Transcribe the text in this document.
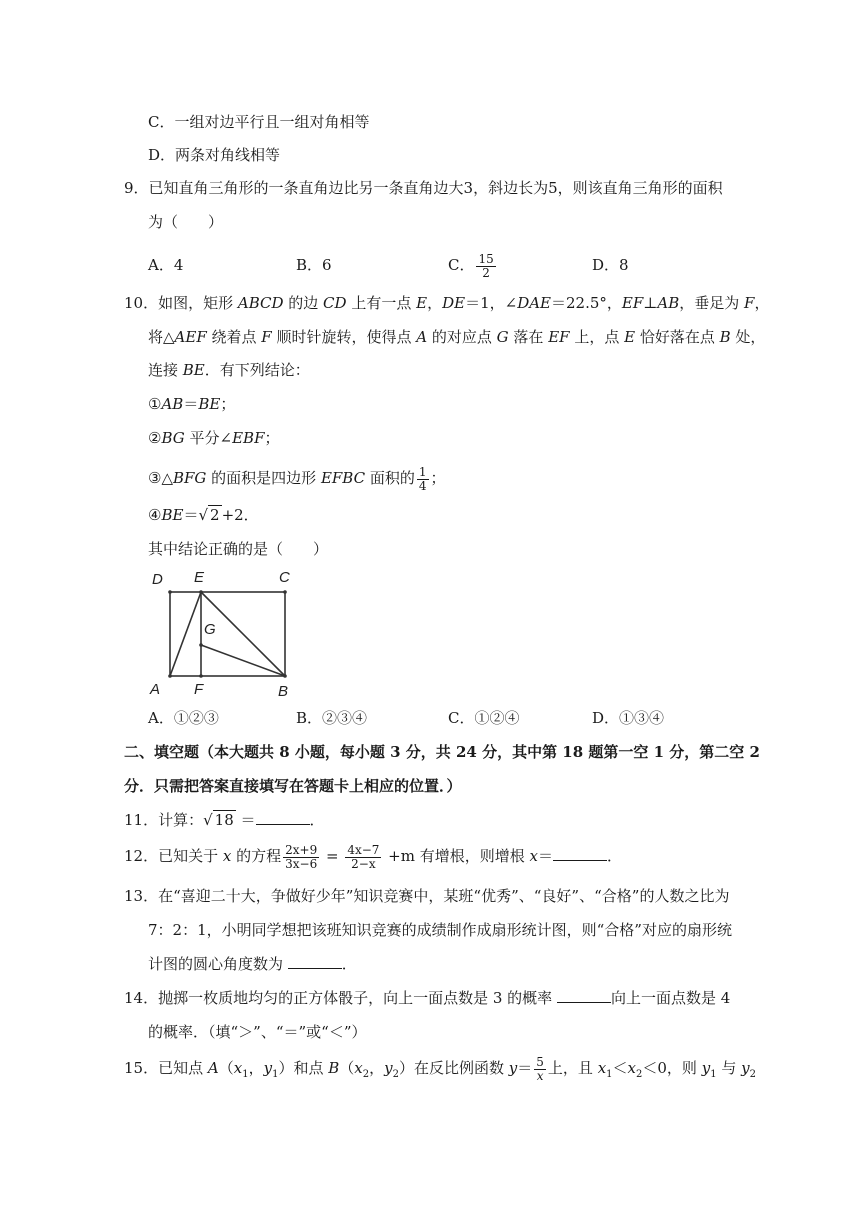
C．一组对边平行且一组对角相等
D．两条对角线相等
9．已知直角三角形的一条直角边比另一条直角边大3，斜边长为5，则该直角三角形的面积
为（　　）
A．4	B．6	C． $\frac{15}{2}$	D．8
10．如图，矩形 ABCD 的边 CD 上有一点 E，DE＝1，∠DAE＝22.5°，EF⊥AB，垂足为 F，
将△AEF 绕着点 F 顺时针旋转，使得点 A 的对应点 G 落在 EF 上，点 E 恰好落在点 B 处，
连接 BE．有下列结论：
①AB＝BE；
②BG 平分∠EBF；
③△BFG 的面积是四边形 EFBC 面积的 $\frac{1}{4}$ ；
④BE＝√ 2 +2．
其中结论正确的是（　　）
D E	C
G
A F	B
A．①②③	B．②③④	C．①②④	D．①③④
二、填空题（本大题共 8 小题，每小题 3 分，共 24 分，其中第 18 题第一空 1 分，第二空 2
分．只需把答案直接填写在答题卡上相应的位置．）
11．计算：√ 18 ＝	．
12．已知关于 x 的方程 $\frac{2x+9}{3x-6} = \frac{4x-7}{2-x} +m$ 有增根，则增根 x＝	．
13．在“喜迎二十大，争做好少年”知识竞赛中，某班“优秀”、“良好”、“合格”的人数之比为
7：2：1，小明同学想把该班知识竞赛的成绩制作成扇形统计图，则“合格”对应的扇形统
计图的圆心角度数为	．
14．抛掷一枚质地均匀的正方体骰子，向上一面点数是 3 的概率	向上一面点数是 4
的概率．（填“＞”、“＝”或“＜”）
15．已知点 $A(x_1$，$y_1$）和点 $B(x_2$，$y_2$）在反比例函数 $y= \frac{5}{x}$ 上，且 $x_1<x_2<0$，则 $y_1$ 与 $y_2$
